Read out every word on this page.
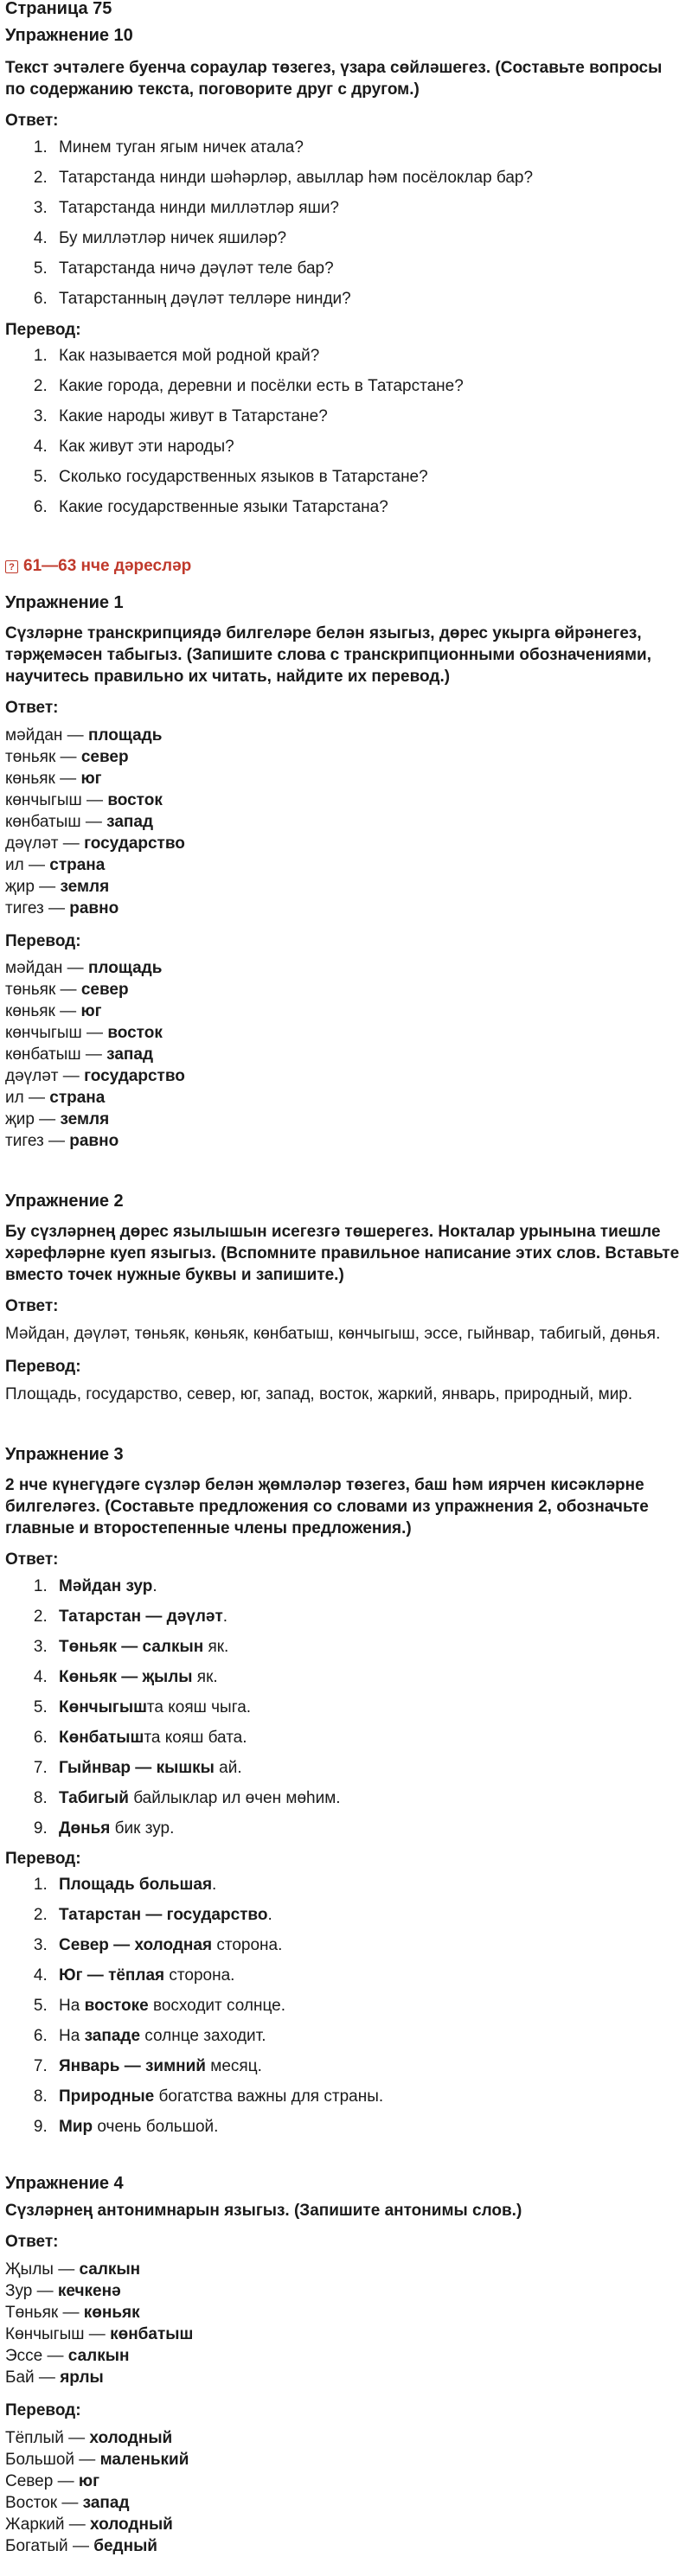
Страница 75
Упражнение 10
Текст эчтәлеге буенча сораулар төзегез, үзара сөйләшегез. (Составьте вопросы по содержанию текста, поговорите друг с другом.)
Ответ:
1. Минем туган ягым ничек атала?
2. Татарстанда нинди шәһәрләр, авыллар һәм посёлоклар бар?
3. Татарстанда нинди милләтләр яши?
4. Бу милләтләр ничек яшиләр?
5. Татарстанда ничә дәүләт теле бар?
6. Татарстанның дәүләт телләре нинди?
Перевод:
1. Как называется мой родной край?
2. Какие города, деревни и посёлки есть в Татарстане?
3. Какие народы живут в Татарстане?
4. Как живут эти народы?
5. Сколько государственных языков в Татарстане?
6. Какие государственные языки Татарстана?
? 61—63 нче дәресләр
Упражнение 1
Сүзләрне транскрипциядә билгеләре белән языгыз, дөрес укырга өйрәнегез, тәрҗемәсен табыгыз. (Запишите слова с транскрипционными обозначениями, научитесь правильно их читать, найдите их перевод.)
Ответ:
мәйдан — площадь
төньяк — север
көньяк — юг
көнчыгыш — восток
көнбатыш — запад
дәүләт — государство
ил — страна
җир — земля
тигез — равно
Перевод:
мәйдан — площадь
төньяк — север
көньяк — юг
көнчыгыш — восток
көнбатыш — запад
дәүләт — государство
ил — страна
җир — земля
тигез — равно
Упражнение 2
Бу сүзләрнең дөрес язылышын исегезгә төшерегез. Нокталар урынына тиешле хәрефләрне куеп языгыз. (Вспомните правильное написание этих слов. Вставьте вместо точек нужные буквы и запишите.)
Ответ:
Мәйдан, дәүләт, төньяк, көньяк, көнбатыш, көнчыгыш, эссе, гыйнвар, табигый, дөнья.
Перевод:
Площадь, государство, север, юг, запад, восток, жаркий, январь, природный, мир.
Упражнение 3
2 нче күнегүдәге сүзләр белән җөмләләр төзегез, баш һәм иярчен кисәкләрне билгеләгез. (Составьте предложения со словами из упражнения 2, обозначьте главные и второстепенные члены предложения.)
Ответ:
1. Мәйдан зур.
2. Татарстан — дәүләт.
3. Төньяк — салкын як.
4. Көньяк — җылы як.
5. Көнчыгышта кояш чыга.
6. Көнбатышта кояш бата.
7. Гыйнвар — кышкы ай.
8. Табигый байлыклар ил өчен мөһим.
9. Дөнья бик зур.
Перевод:
1. Площадь большая.
2. Татарстан — государство.
3. Север — холодная сторона.
4. Юг — тёплая сторона.
5. На востоке восходит солнце.
6. На западе солнце заходит.
7. Январь — зимний месяц.
8. Природные богатства важны для страны.
9. Мир очень большой.
Упражнение 4
Сүзләрнең антонимнарын языгыз. (Запишите антонимы слов.)
Ответ:
Җылы — салкын
Зур — кечкенә
Төньяк — көньяк
Көнчыгыш — көнбатыш
Эссе — салкын
Бай — ярлы
Перевод:
Тёплый — холодный
Большой — маленький
Север — юг
Восток — запад
Жаркий — холодный
Богатый — бедный
